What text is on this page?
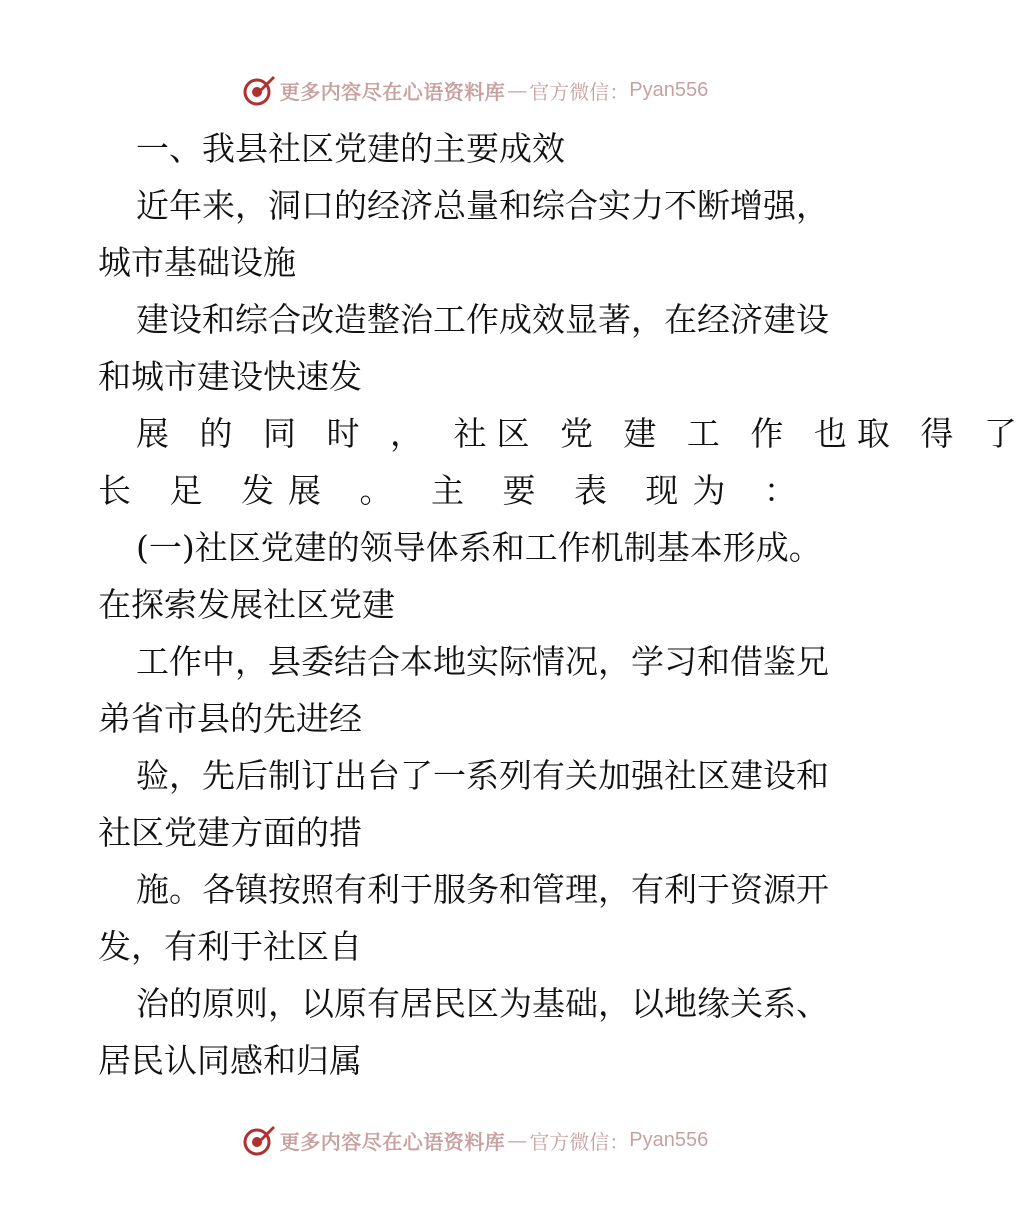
更多内容尽在心语资料库 — 官方微信： Pyan556
一、我县社区党建的主要成效
近年来，洞口的经济总量和综合实力不断增强，
城市基础设施
建设和综合改造整治工作成效显著，在经济建设
和城市建设快速发
展 的 同 时 ， 社区 党 建 工 作 也取 得 了
长 足 发展 。 主 要 表 现为 ：
(一)社区党建的领导体系和工作机制基本形成。
在探索发展社区党建
工作中，县委结合本地实际情况，学习和借鉴兄
弟省市县的先进经
验，先后制订出台了一系列有关加强社区建设和
社区党建方面的措
施。各镇按照有利于服务和管理，有利于资源开
发，有利于社区自
治的原则，以原有居民区为基础，以地缘关系、
居民认同感和归属
更多内容尽在心语资料库 — 官方微信： Pyan556
